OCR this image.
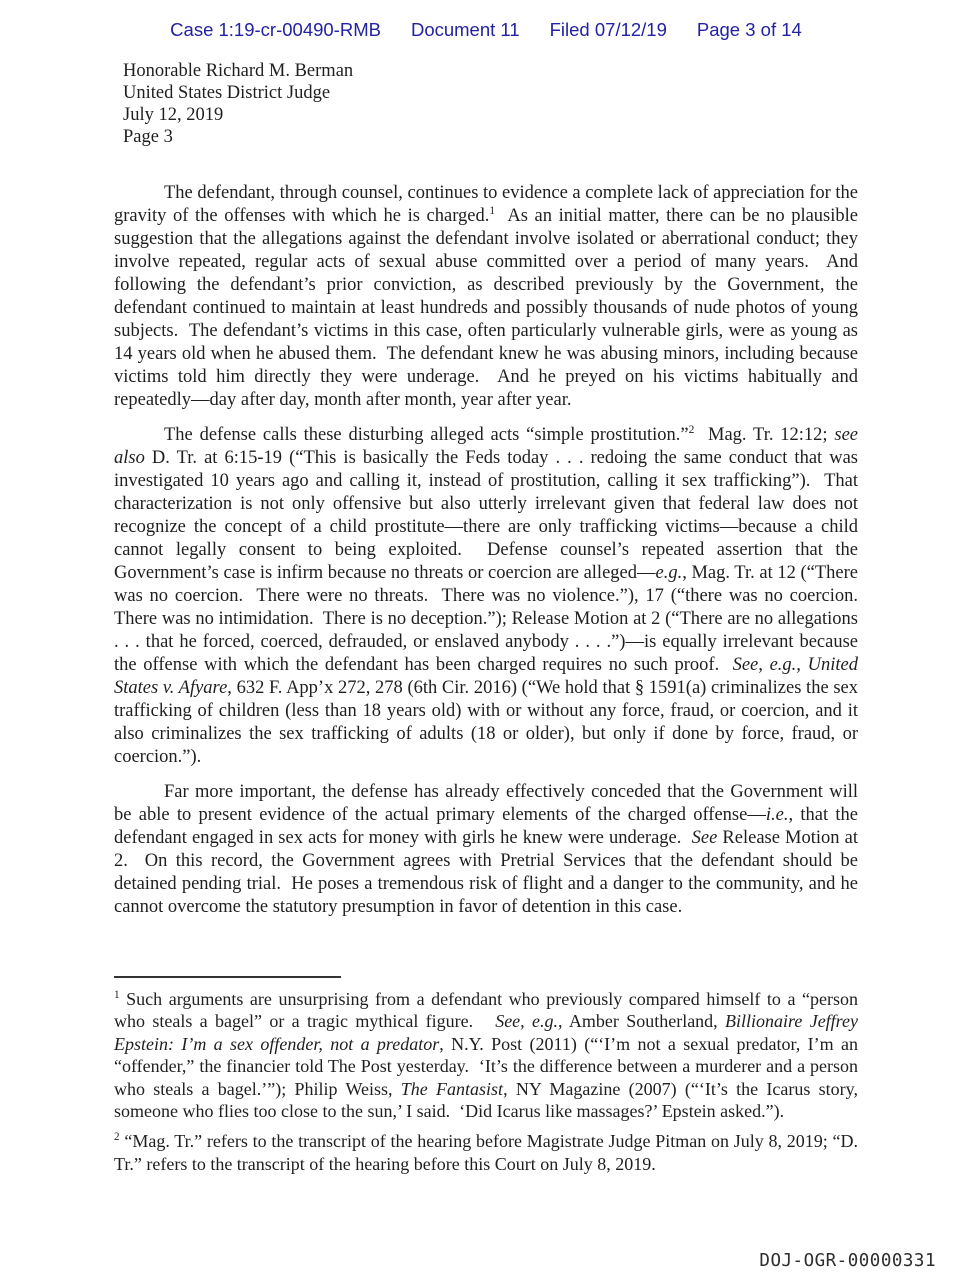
Case 1:19-cr-00490-RMB Document 11 Filed 07/12/19 Page 3 of 14
Honorable Richard M. Berman
United States District Judge
July 12, 2019
Page 3

The defendant, through counsel, continues to evidence a complete lack of appreciation for the gravity of the offenses with which he is charged.$^1$  As an initial matter, there can be no plausible suggestion that the allegations against the defendant involve isolated or aberrational conduct; they involve repeated, regular acts of sexual abuse committed over a period of many years.  And following the defendant’s prior conviction, as described previously by the Government, the defendant continued to maintain at least hundreds and possibly thousands of nude photos of young subjects.  The defendant’s victims in this case, often particularly vulnerable girls, were as young as 14 years old when he abused them.  The defendant knew he was abusing minors, including because victims told him directly they were underage.  And he preyed on his victims habitually and repeatedly—day after day, month after month, year after year.

The defense calls these disturbing alleged acts “simple prostitution.”$^2$  Mag. Tr. 12:12; see also D. Tr. at 6:15-19 (“This is basically the Feds today . . . redoing the same conduct that was investigated 10 years ago and calling it, instead of prostitution, calling it sex trafficking”).  That characterization is not only offensive but also utterly irrelevant given that federal law does not recognize the concept of a child prostitute—there are only trafficking victims—because a child cannot legally consent to being exploited.  Defense counsel’s repeated assertion that the Government’s case is infirm because no threats or coercion are alleged—e.g., Mag. Tr. at 12 (“There was no coercion.  There were no threats.  There was no violence.”), 17 (“there was no coercion.  There was no intimidation.  There is no deception.”); Release Motion at 2 (“There are no allegations . . . that he forced, coerced, defrauded, or enslaved anybody . . . .”)—is equally irrelevant because the offense with which the defendant has been charged requires no such proof.  See, e.g., United States v. Afyare, 632 F. App’x 272, 278 (6th Cir. 2016) (“We hold that § 1591(a) criminalizes the sex trafficking of children (less than 18 years old) with or without any force, fraud, or coercion, and it also criminalizes the sex trafficking of adults (18 or older), but only if done by force, fraud, or coercion.”).

Far more important, the defense has already effectively conceded that the Government will be able to present evidence of the actual primary elements of the charged offense—i.e., that the defendant engaged in sex acts for money with girls he knew were underage.  See Release Motion at 2.  On this record, the Government agrees with Pretrial Services that the defendant should be detained pending trial.  He poses a tremendous risk of flight and a danger to the community, and he cannot overcome the statutory presumption in favor of detention in this case.

$^1$ Such arguments are unsurprising from a defendant who previously compared himself to a “person who steals a bagel” or a tragic mythical figure.   See, e.g., Amber Southerland, Billionaire Jeffrey Epstein: I’m a sex offender, not a predator, N.Y. Post (2011) (“‘I’m not a sexual predator, I’m an “offender,” the financier told The Post yesterday.  ‘It’s the difference between a murderer and a person who steals a bagel.’”); Philip Weiss, The Fantasist, NY Magazine (2007) (“‘It’s the Icarus story, someone who flies too close to the sun,’ I said.  ‘Did Icarus like massages?’ Epstein asked.”).

$^2$ “Mag. Tr.” refers to the transcript of the hearing before Magistrate Judge Pitman on July 8, 2019; “D. Tr.” refers to the transcript of the hearing before this Court on July 8, 2019.

DOJ-OGR-00000331
